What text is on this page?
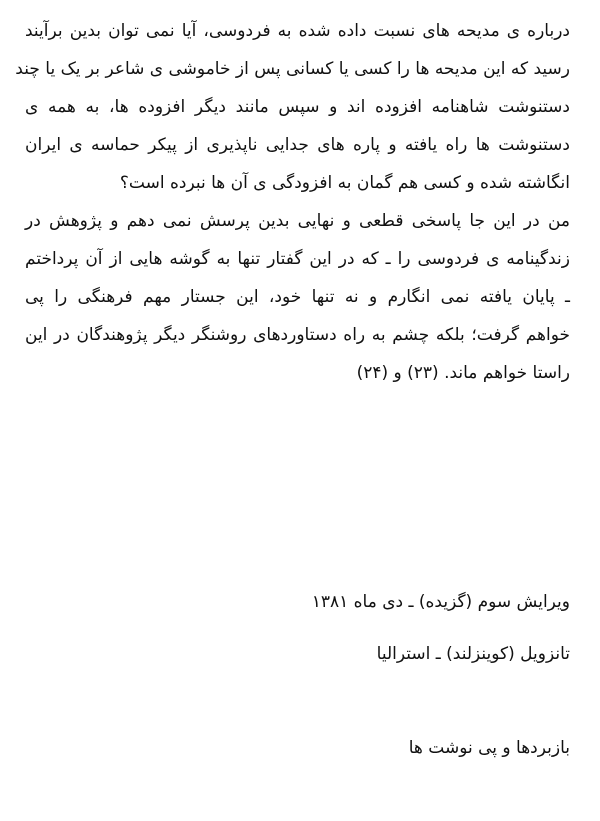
درباره ی مدیحه های نسبت داده شده به فردوسی، آیا نمی توان بدین برآیند
رسید که این مدیحه ها را کسی یا کسانی پس از خاموشی ی شاعر بر یک یا چند
دستنوشت شاهنامه افزوده اند و سپس مانند دیگر افزوده ها، به همه ی
دستنوشت ها راه یافته و پاره های جدایی ناپذیری از پیکر حماسه ی ایران
انگاشته شده و کسی هم گمان به افزودگی ی آن ها نبرده است؟
من در این جا پاسخی قطعی و نهایی بدین پرسش نمی دهم و پژوهش در
زندگینامه ی فردوسی را ـ که در این گفتار تنها به گوشه هایی از آن پرداختم
ـ پایان یافته نمی انگارم و نه تنها خود، این جستار مهم فرهنگی را پی
خواهم گرفت؛ بلکه چشم به راه دستاوردهای روشنگر دیگر پژوهندگان در این
راستا خواهم ماند. (۲۳) و (۲۴)
ویرایش سوم (گزیده) ـ دی ماه ۱۳۸۱
تانزویل (کوینزلند) ـ استرالیا
بازبردها و پی نوشت ها
